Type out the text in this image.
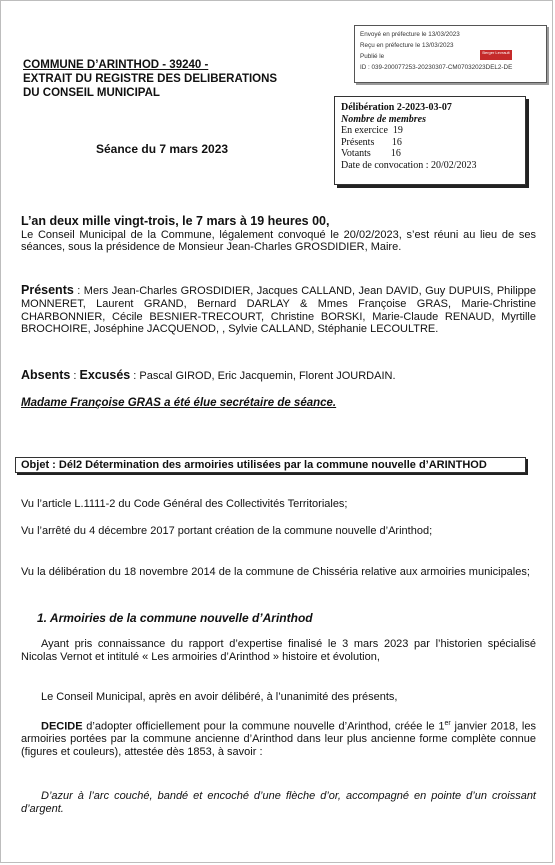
Envoyé en préfecture le 13/03/2023
Reçu en préfecture le 13/03/2023
Publié le
ID : 039-200077253-20230307-CM07032023DEL2-DE
Berger Levrault
COMMUNE D’ARINTHOD - 39240 -
EXTRAIT DU REGISTRE DES DELIBERATIONS
DU CONSEIL MUNICIPAL
Délibération 2-2023-03-07
Nombre de membres
En exercice  19
Présents       16
Votants        16
Date de convocation : 20/02/2023
Séance du 7 mars 2023
L’an deux mille vingt-trois, le 7 mars à 19 heures 00,
Le Conseil Municipal de la Commune, légalement convoqué le 20/02/2023, s’est réuni au lieu de ses séances, sous la présidence de Monsieur Jean-Charles GROSDIDIER, Maire.
Présents : Mers Jean-Charles GROSDIDIER, Jacques CALLAND, Jean DAVID, Guy DUPUIS, Philippe MONNERET, Laurent GRAND, Bernard DARLAY & Mmes Françoise GRAS, Marie-Christine CHARBONNIER, Cécile BESNIER-TRECOURT, Christine BORSKI, Marie-Claude RENAUD, Myrtille BROCHOIRE, Joséphine JACQUENOD, , Sylvie CALLAND, Stéphanie LECOULTRE.
Absents : Excusés : Pascal GIROD, Eric Jacquemin, Florent JOURDAIN.
Madame Françoise GRAS a été élue secrétaire de séance.
Objet : Dél2 Détermination des armoiries utilisées par la commune nouvelle d’ARINTHOD
Vu l’article L.1111-2 du Code Général des Collectivités Territoriales;
Vu l’arrêté du 4 décembre 2017 portant création de la commune nouvelle d’Arinthod;
Vu la délibération du 18 novembre 2014 de la commune de Chisséria relative aux armoiries municipales;
1. Armoiries de la commune nouvelle d’Arinthod
Ayant pris connaissance du rapport d’expertise finalisé le 3 mars 2023 par l’historien spécialisé Nicolas Vernot et intitulé « Les armoiries d’Arinthod » histoire et évolution,
Le Conseil Municipal, après en avoir délibéré, à l’unanimité des présents,
DECIDE d’adopter officiellement pour la commune nouvelle d’Arinthod, créée le 1er janvier 2018, les armoiries portées par la commune ancienne d’Arinthod dans leur plus ancienne forme complète connue (figures et couleurs), attestée dès 1853, à savoir :
D’azur à l’arc couché, bandé et encoché d’une flèche d’or, accompagné en pointe d’un croissant d’argent.
